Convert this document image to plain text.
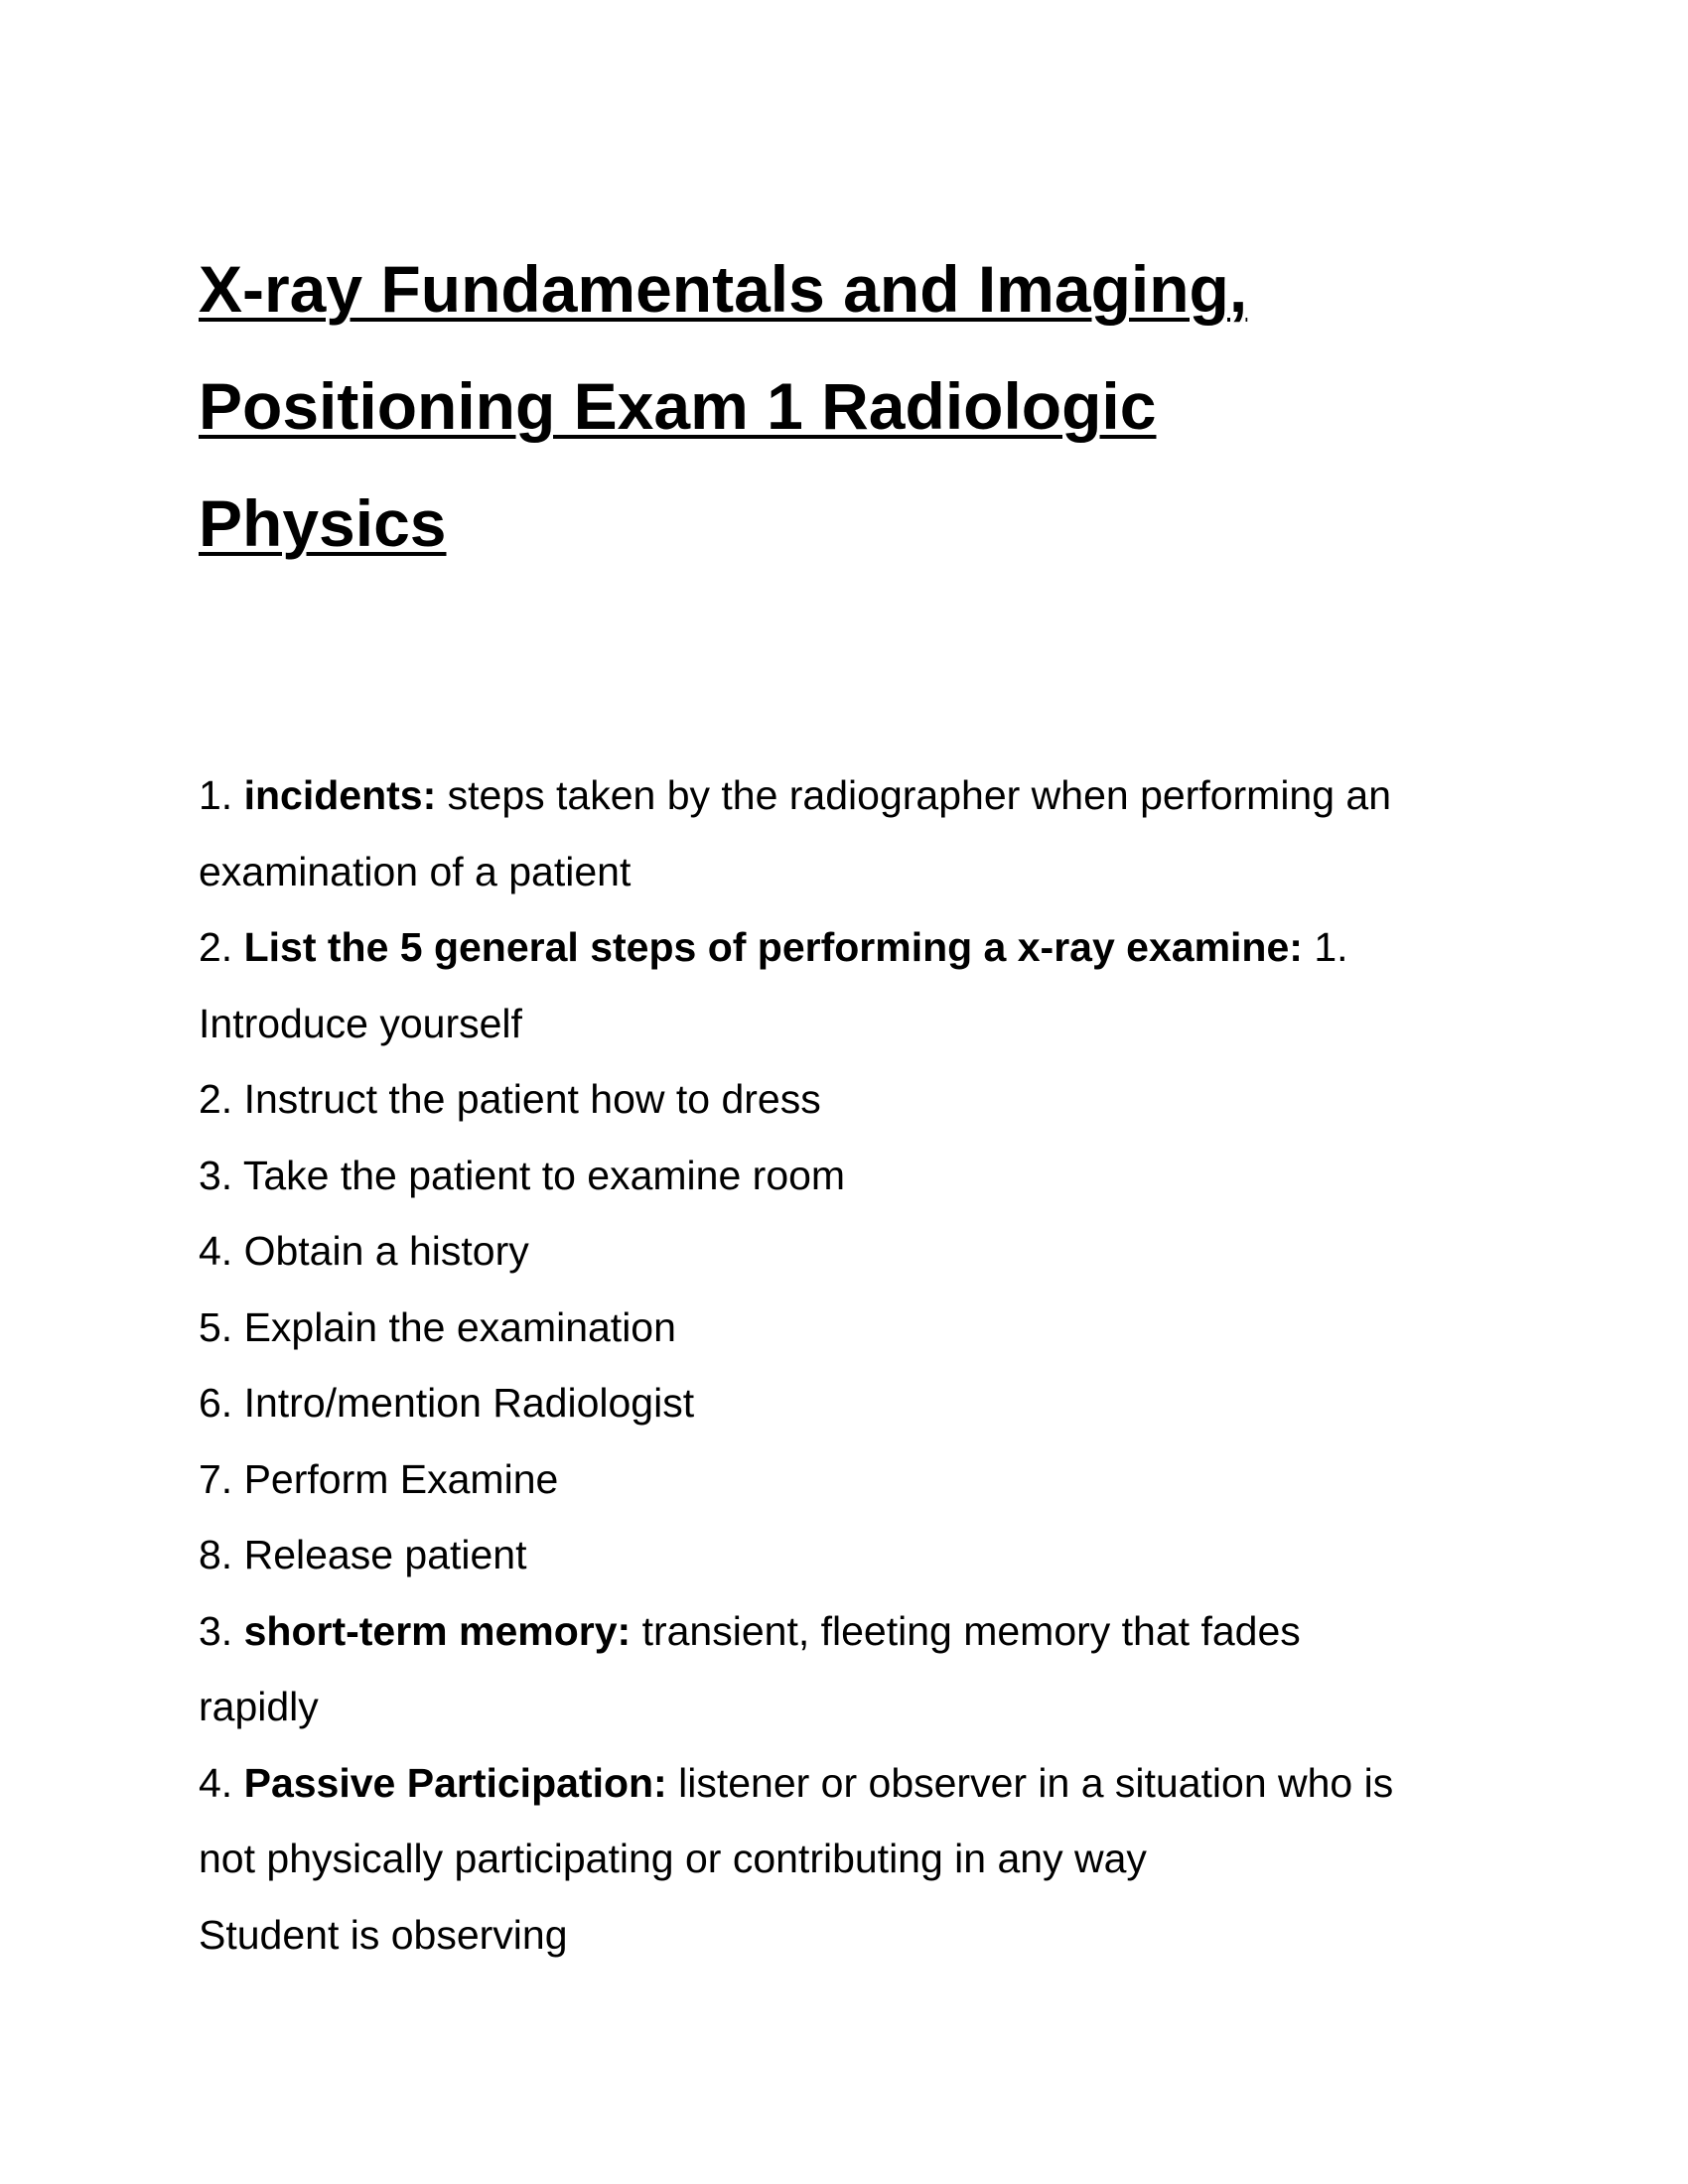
X-ray Fundamentals and Imaging,
Positioning Exam 1 Radiologic
Physics
1. incidents: steps taken by the radiographer when performing an
examination of a patient
2. List the 5 general steps of performing a x-ray examine: 1.
Introduce yourself
2. Instruct the patient how to dress
3. Take the patient to examine room
4. Obtain a history
5. Explain the examination
6. Intro/mention Radiologist
7. Perform Examine
8. Release patient
3. short-term memory: transient, fleeting memory that fades
rapidly
4. Passive Participation: listener or observer in a situation who is
not physically participating or contributing in any way
Student is observing
